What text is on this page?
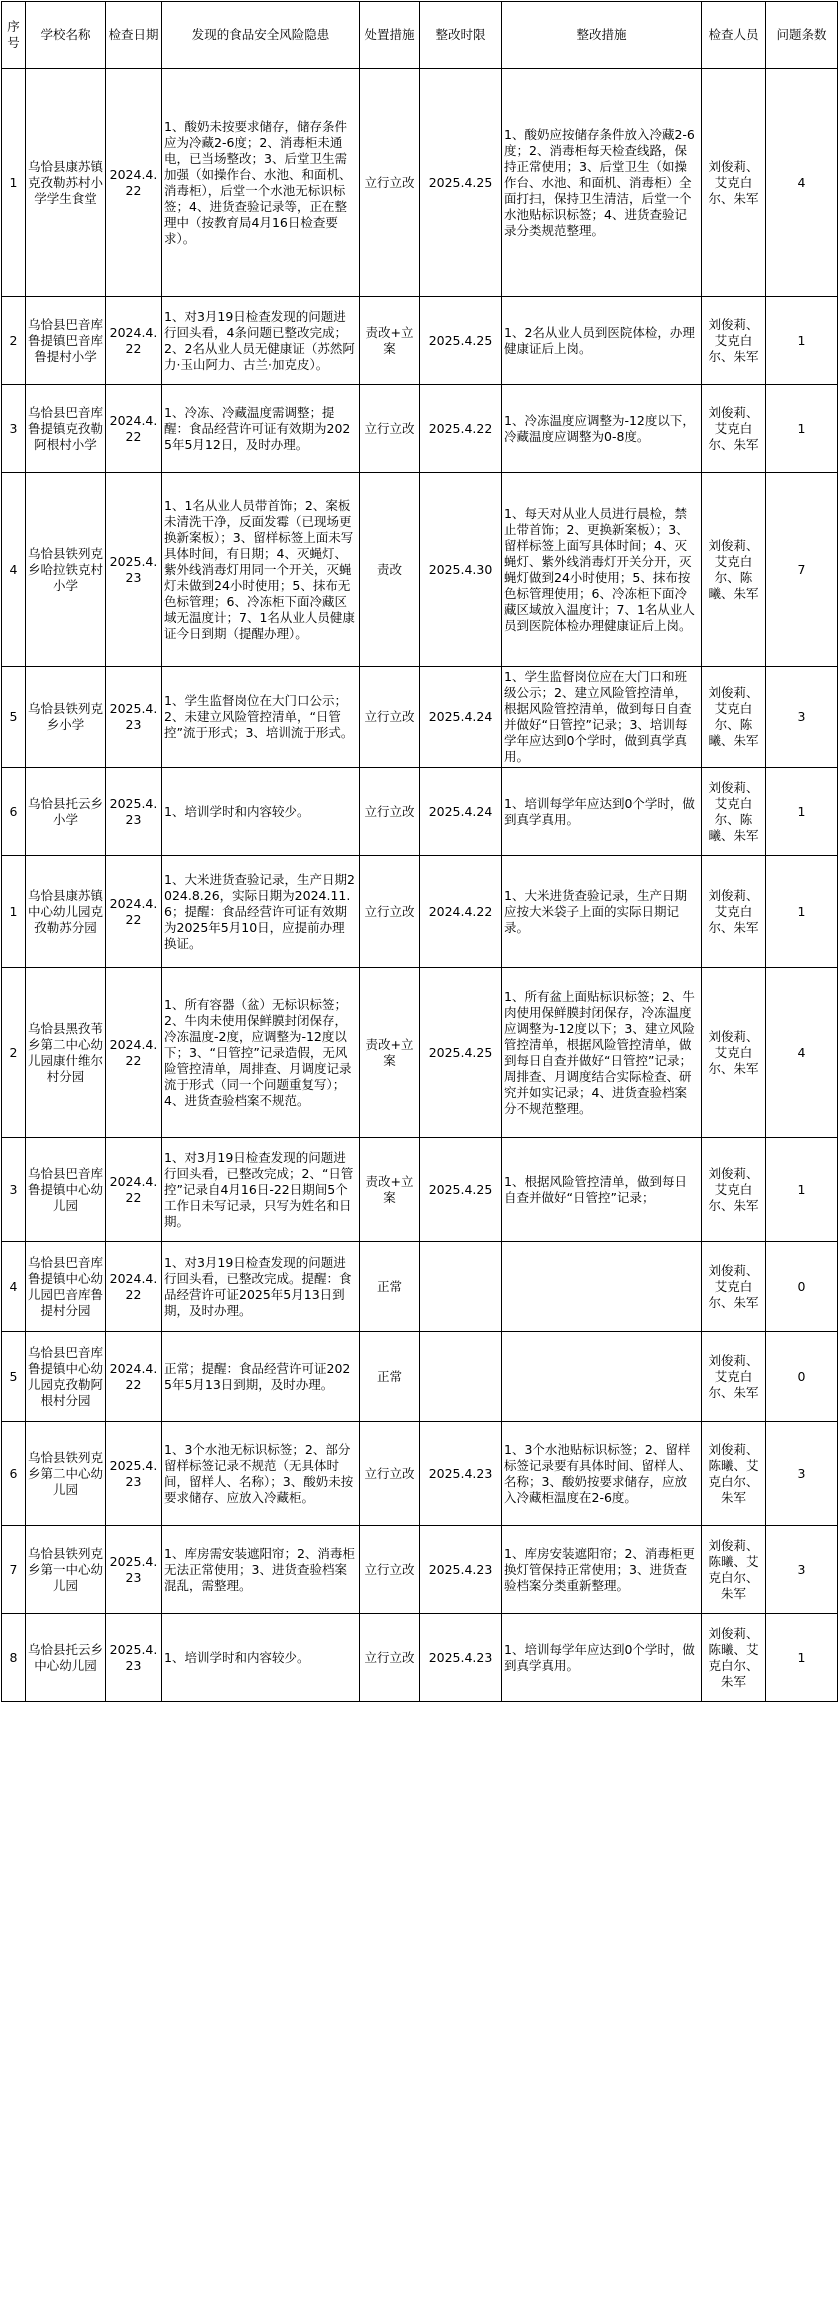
序号	学校名称	检查日期	发现的食品安全风险隐患	处置措施	整改时限	整改措施	检查人员	问题条数
1	乌恰县康苏镇克孜勒苏村小学学生食堂	2024.4.22	1、酸奶未按要求储存，储存条件应为冷藏2-6度；2、消毒柜未通电，已当场整改；3、后堂卫生需加强（如操作台、水池、和面机、消毒柜），后堂一个水池无标识标签；4、进货查验记录等，正在整理中（按教育局4月16日检查要求）。	立行立改	2025.4.25	1、酸奶应按储存条件放入冷藏2-6度；2、消毒柜每天检查线路，保持正常使用；3、后堂卫生（如操作台、水池、和面机、消毒柜）全面打扫，保持卫生清洁，后堂一个水池贴标识标签；4、进货查验记录分类规范整理。	刘俊莉、艾克白尔、朱军	4
2	乌恰县巴音库鲁提镇巴音库鲁提村小学	2024.4.22	1、对3月19日检查发现的问题进行回头看，4条问题已整改完成；2、2名从业人员无健康证（苏然阿力·玉山阿力、古兰·加克皮）。	责改+立案	2025.4.25	1、2名从业人员到医院体检，办理健康证后上岗。	刘俊莉、艾克白尔、朱军	1
3	乌恰县巴音库鲁提镇克孜勒阿根村小学	2024.4.22	1、冷冻、冷藏温度需调整；提醒：食品经营许可证有效期为2025年5月12日，及时办理。	立行立改	2025.4.22	1、冷冻温度应调整为-12度以下，冷藏温度应调整为0-8度。	刘俊莉、艾克白尔、朱军	1
4	乌恰县铁列克乡哈拉铁克村小学	2025.4.23	1、1名从业人员带首饰；2、案板未清洗干净，反面发霉（已现场更换新案板）；3、留样标签上面未写具体时间，有日期；4、灭蝇灯、紫外线消毒灯用同一个开关，灭蝇灯未做到24小时使用；5、抹布无色标管理；6、冷冻柜下面冷藏区域无温度计；7、1名从业人员健康证今日到期（提醒办理）。	责改	2025.4.30	1、每天对从业人员进行晨检，禁止带首饰；2、更换新案板）；3、留样标签上面写具体时间；4、灭蝇灯、紫外线消毒灯开关分开，灭蝇灯做到24小时使用；5、抹布按色标管理使用；6、冷冻柜下面冷藏区域放入温度计；7、1名从业人员到医院体检办理健康证后上岗。	刘俊莉、艾克白尔、陈曦、朱军	7
5	乌恰县铁列克乡小学	2025.4.23	1、学生监督岗位在大门口公示；2、未建立风险管控清单，“日管控”流于形式；3、培训流于形式。	立行立改	2025.4.24	1、学生监督岗位应在大门口和班级公示；2、建立风险管控清单，根据风险管控清单，做到每日自查并做好“日管控”记录；3、培训每学年应达到0个学时，做到真学真用。	刘俊莉、艾克白尔、陈曦、朱军	3
6	乌恰县托云乡小学	2025.4.23	1、培训学时和内容较少。	立行立改	2025.4.24	1、培训每学年应达到0个学时，做到真学真用。	刘俊莉、艾克白尔、陈曦、朱军	1
1	乌恰县康苏镇中心幼儿园克孜勒苏分园	2024.4.22	1、大米进货查验记录，生产日期2024.8.26，实际日期为2024.11.6；提醒：食品经营许可证有效期为2025年5月10日，应提前办理换证。	立行立改	2024.4.22	1、大米进货查验记录，生产日期应按大米袋子上面的实际日期记录。	刘俊莉、艾克白尔、朱军	1
2	乌恰县黑孜苇乡第二中心幼儿园康什维尔村分园	2024.4.22	1、所有容器（盆）无标识标签；2、牛肉未使用保鲜膜封闭保存，冷冻温度-2度，应调整为-12度以下；3、“日管控”记录造假，无风险管控清单，周排查、月调度记录流于形式（同一个问题重复写）；4、进货查验档案不规范。	责改+立案	2025.4.25	1、所有盆上面贴标识标签；2、牛肉使用保鲜膜封闭保存，冷冻温度应调整为-12度以下；3、建立风险管控清单，根据风险管控清单，做到每日自查并做好“日管控”记录；周排查、月调度结合实际检查、研究并如实记录；4、进货查验档案分不规范整理。	刘俊莉、艾克白尔、朱军	4
3	乌恰县巴音库鲁提镇中心幼儿园	2024.4.22	1、对3月19日检查发现的问题进行回头看，已整改完成；2、“日管控”记录自4月16日-22日期间5个工作日未写记录，只写为姓名和日期。	责改+立案	2025.4.25	1、根据风险管控清单，做到每日自查并做好“日管控”记录；	刘俊莉、艾克白尔、朱军	1
4	乌恰县巴音库鲁提镇中心幼儿园巴音库鲁提村分园	2024.4.22	1、对3月19日检查发现的问题进行回头看，已整改完成。提醒：食品经营许可证2025年5月13日到期，及时办理。	正常			刘俊莉、艾克白尔、朱军	0
5	乌恰县巴音库鲁提镇中心幼儿园克孜勒阿根村分园	2024.4.22	正常；提醒：食品经营许可证2025年5月13日到期，及时办理。	正常			刘俊莉、艾克白尔、朱军	0
6	乌恰县铁列克乡第二中心幼儿园	2025.4.23	1、3个水池无标识标签；2、部分留样标签记录不规范（无具体时间，留样人、名称）；3、酸奶未按要求储存、应放入冷藏柜。	立行立改	2025.4.23	1、3个水池贴标识标签；2、留样标签记录要有具体时间、留样人、名称；3、酸奶按要求储存，应放入冷藏柜温度在2-6度。	刘俊莉、陈曦、艾克白尔、朱军	3
7	乌恰县铁列克乡第一中心幼儿园	2025.4.23	1、库房需安装遮阳帘；2、消毒柜无法正常使用；3、进货查验档案混乱，需整理。	立行立改	2025.4.23	1、库房安装遮阳帘；2、消毒柜更换灯管保持正常使用；3、进货查验档案分类重新整理。	刘俊莉、陈曦、艾克白尔、朱军	3
8	乌恰县托云乡中心幼儿园	2025.4.23	1、培训学时和内容较少。	立行立改	2025.4.23	1、培训每学年应达到0个学时，做到真学真用。	刘俊莉、陈曦、艾克白尔、朱军	1
